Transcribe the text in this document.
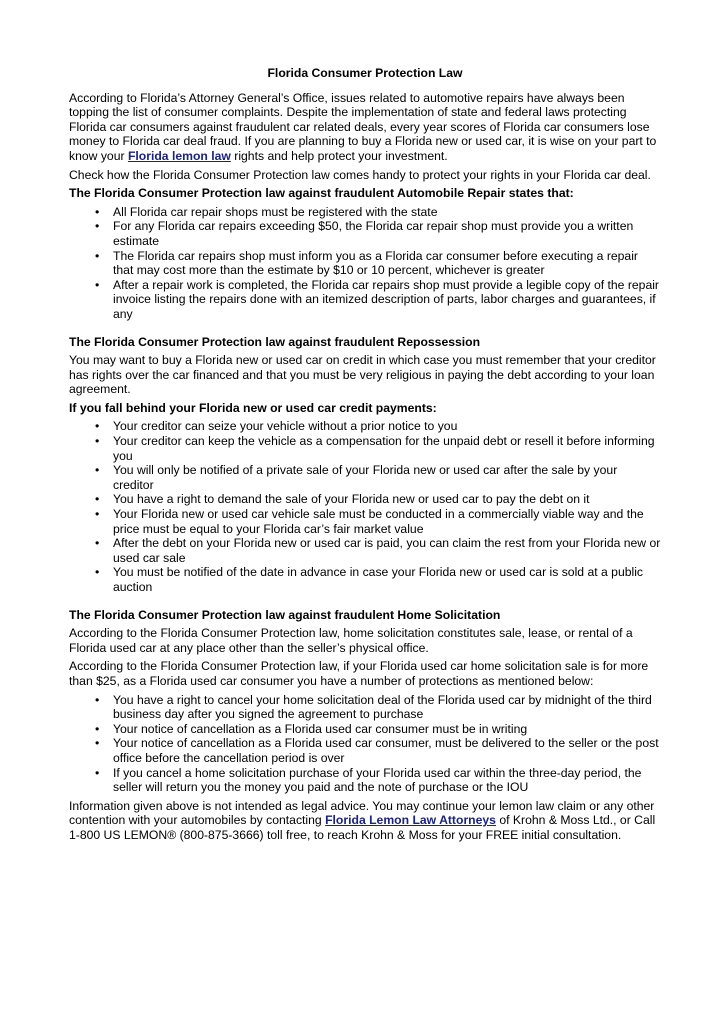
Florida Consumer Protection Law

According to Florida’s Attorney General’s Office, issues related to automotive repairs have always been topping the list of consumer complaints. Despite the implementation of state and federal laws protecting Florida car consumers against fraudulent car related deals, every year scores of Florida car consumers lose money to Florida car deal fraud. If you are planning to buy a Florida new or used car, it is wise on your part to know your Florida lemon law rights and help protect your investment.

Check how the Florida Consumer Protection law comes handy to protect your rights in your Florida car deal.

The Florida Consumer Protection law against fraudulent Automobile Repair states that:

• All Florida car repair shops must be registered with the state
• For any Florida car repairs exceeding $50, the Florida car repair shop must provide you a written estimate
• The Florida car repairs shop must inform you as a Florida car consumer before executing a repair that may cost more than the estimate by $10 or 10 percent, whichever is greater
• After a repair work is completed, the Florida car repairs shop must provide a legible copy of the repair invoice listing the repairs done with an itemized description of parts, labor charges and guarantees, if any

The Florida Consumer Protection law against fraudulent Repossession

You may want to buy a Florida new or used car on credit in which case you must remember that your creditor has rights over the car financed and that you must be very religious in paying the debt according to your loan agreement.

If you fall behind your Florida new or used car credit payments:

• Your creditor can seize your vehicle without a prior notice to you
• Your creditor can keep the vehicle as a compensation for the unpaid debt or resell it before informing you
• You will only be notified of a private sale of your Florida new or used car after the sale by your creditor
• You have a right to demand the sale of your Florida new or used car to pay the debt on it
• Your Florida new or used car vehicle sale must be conducted in a commercially viable way and the price must be equal to your Florida car’s fair market value
• After the debt on your Florida new or used car is paid, you can claim the rest from your Florida new or used car sale
• You must be notified of the date in advance in case your Florida new or used car is sold at a public auction

The Florida Consumer Protection law against fraudulent Home Solicitation

According to the Florida Consumer Protection law, home solicitation constitutes sale, lease, or rental of a Florida used car at any place other than the seller’s physical office.

According to the Florida Consumer Protection law, if your Florida used car home solicitation sale is for more than $25, as a Florida used car consumer you have a number of protections as mentioned below:

• You have a right to cancel your home solicitation deal of the Florida used car by midnight of the third business day after you signed the agreement to purchase
• Your notice of cancellation as a Florida used car consumer must be in writing
• Your notice of cancellation as a Florida used car consumer, must be delivered to the seller or the post office before the cancellation period is over
• If you cancel a home solicitation purchase of your Florida used car within the three-day period, the seller will return you the money you paid and the note of purchase or the IOU

Information given above is not intended as legal advice. You may continue your lemon law claim or any other contention with your automobiles by contacting Florida Lemon Law Attorneys of Krohn & Moss Ltd., or Call 1-800 US LEMON® (800-875-3666) toll free, to reach Krohn & Moss for your FREE initial consultation.
